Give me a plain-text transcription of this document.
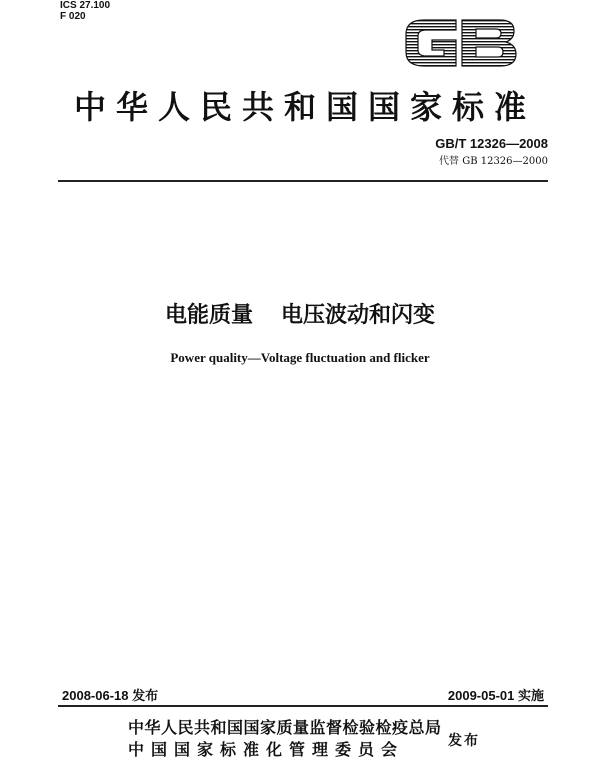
ICS 27.100
F 020
中华人民共和国国家标准
GB/T 12326—2008
代替 GB 12326—2000
电能质量 电压波动和闪变
Power quality—Voltage fluctuation and flicker
2008-06-18 发布	2009-05-01 实施
中华人民共和国国家质量监督检验检疫总局
中国国家标准化管理委员会	发布
